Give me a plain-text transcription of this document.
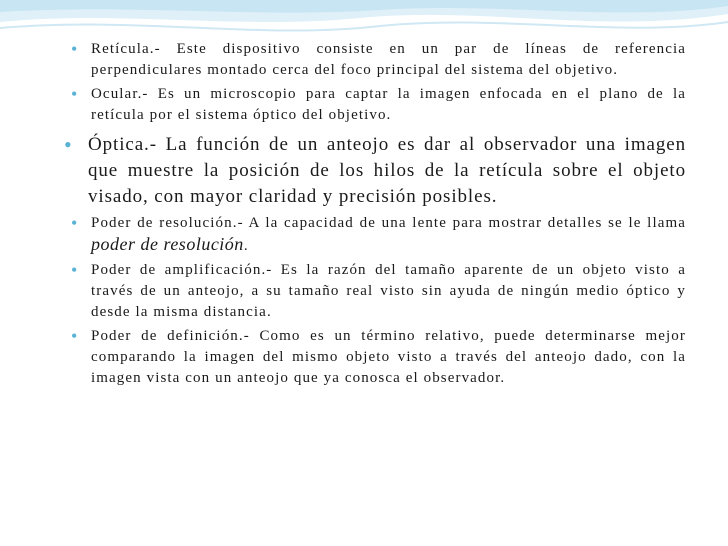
• Retícula.- Este dispositivo consiste en un par de líneas de referencia perpendiculares montado cerca del foco principal del sistema del objetivo.
• Ocular.- Es un microscopio para captar la imagen enfocada en el plano de la retícula por el sistema óptico del objetivo.
• Óptica.- La función de un anteojo es dar al observador una imagen que muestre la posición de los hilos de la retícula sobre el objeto visado, con mayor claridad y precisión posibles.
• Poder de resolución.- A la capacidad de una lente para mostrar detalles se le llama poder de resolución.
• Poder de amplificación.- Es la razón del tamaño aparente de un objeto visto a través de un anteojo, a su tamaño real visto sin ayuda de ningún medio óptico y desde la misma distancia.
• Poder de definición.- Como es un término relativo, puede determinarse mejor comparando la imagen del mismo objeto visto a través del anteojo dado, con la imagen vista con un anteojo que ya conosca el observador.
